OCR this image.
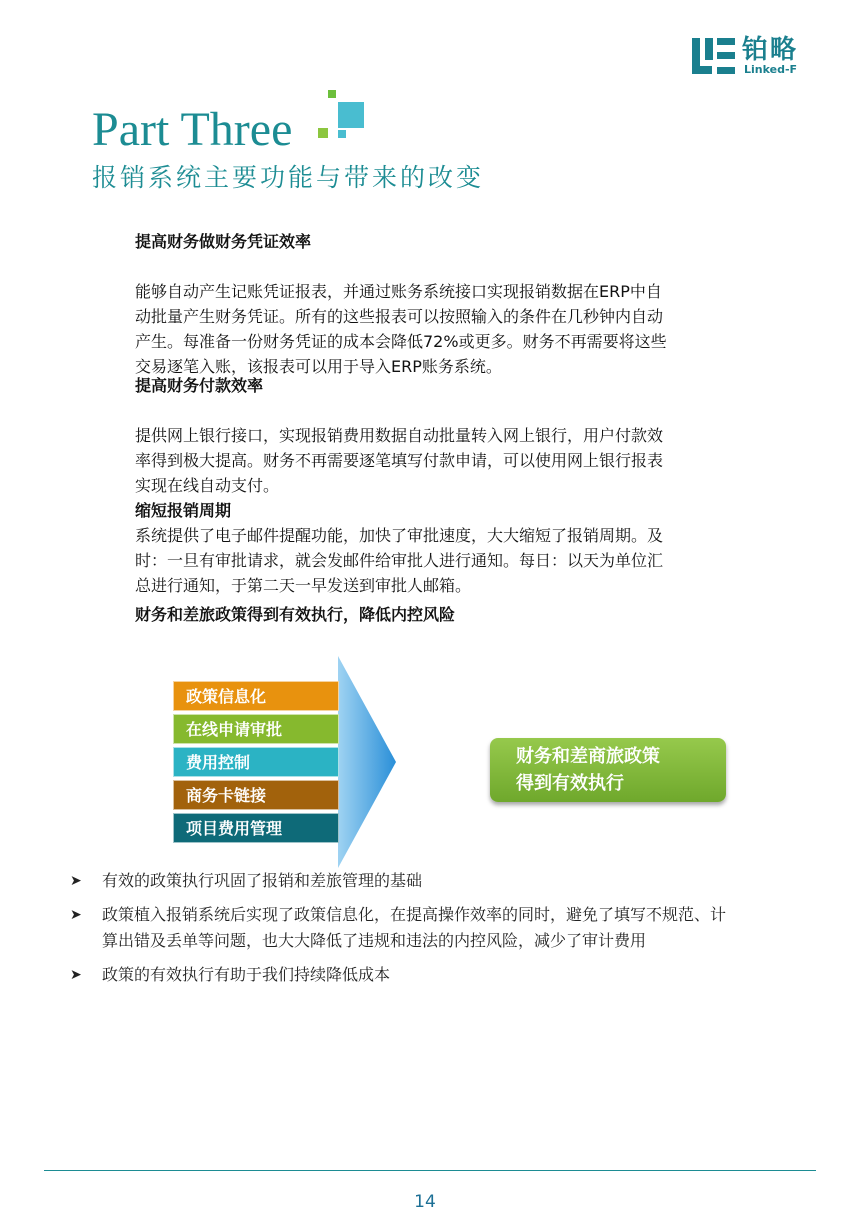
铂略
Linked-F
Part Three
报销系统主要功能与带来的改变
提高财务做财务凭证效率
能够自动产生记账凭证报表，并通过账务系统接口实现报销数据在ERP中自
动批量产生财务凭证。所有的这些报表可以按照输入的条件在几秒钟内自动
产生。每准备一份财务凭证的成本会降低72%或更多。财务不再需要将这些
交易逐笔入账，该报表可以用于导入ERP账务系统。
提高财务付款效率
提供网上银行接口，实现报销费用数据自动批量转入网上银行，用户付款效
率得到极大提高。财务不再需要逐笔填写付款申请，可以使用网上银行报表
实现在线自动支付。
缩短报销周期
系统提供了电子邮件提醒功能，加快了审批速度，大大缩短了报销周期。及
时：一旦有审批请求，就会发邮件给审批人进行通知。每日：以天为单位汇
总进行通知，于第二天一早发送到审批人邮箱。
财务和差旅政策得到有效执行，降低内控风险
政策信息化
在线申请审批
费用控制
商务卡链接
项目费用管理
财务和差商旅政策
得到有效执行
➤ 有效的政策执行巩固了报销和差旅管理的基础
➤ 政策植入报销系统后实现了政策信息化，在提高操作效率的同时，避免了填写不规范、计
算出错及丢单等问题，也大大降低了违规和违法的内控风险，减少了审计费用
➤ 政策的有效执行有助于我们持续降低成本
14
